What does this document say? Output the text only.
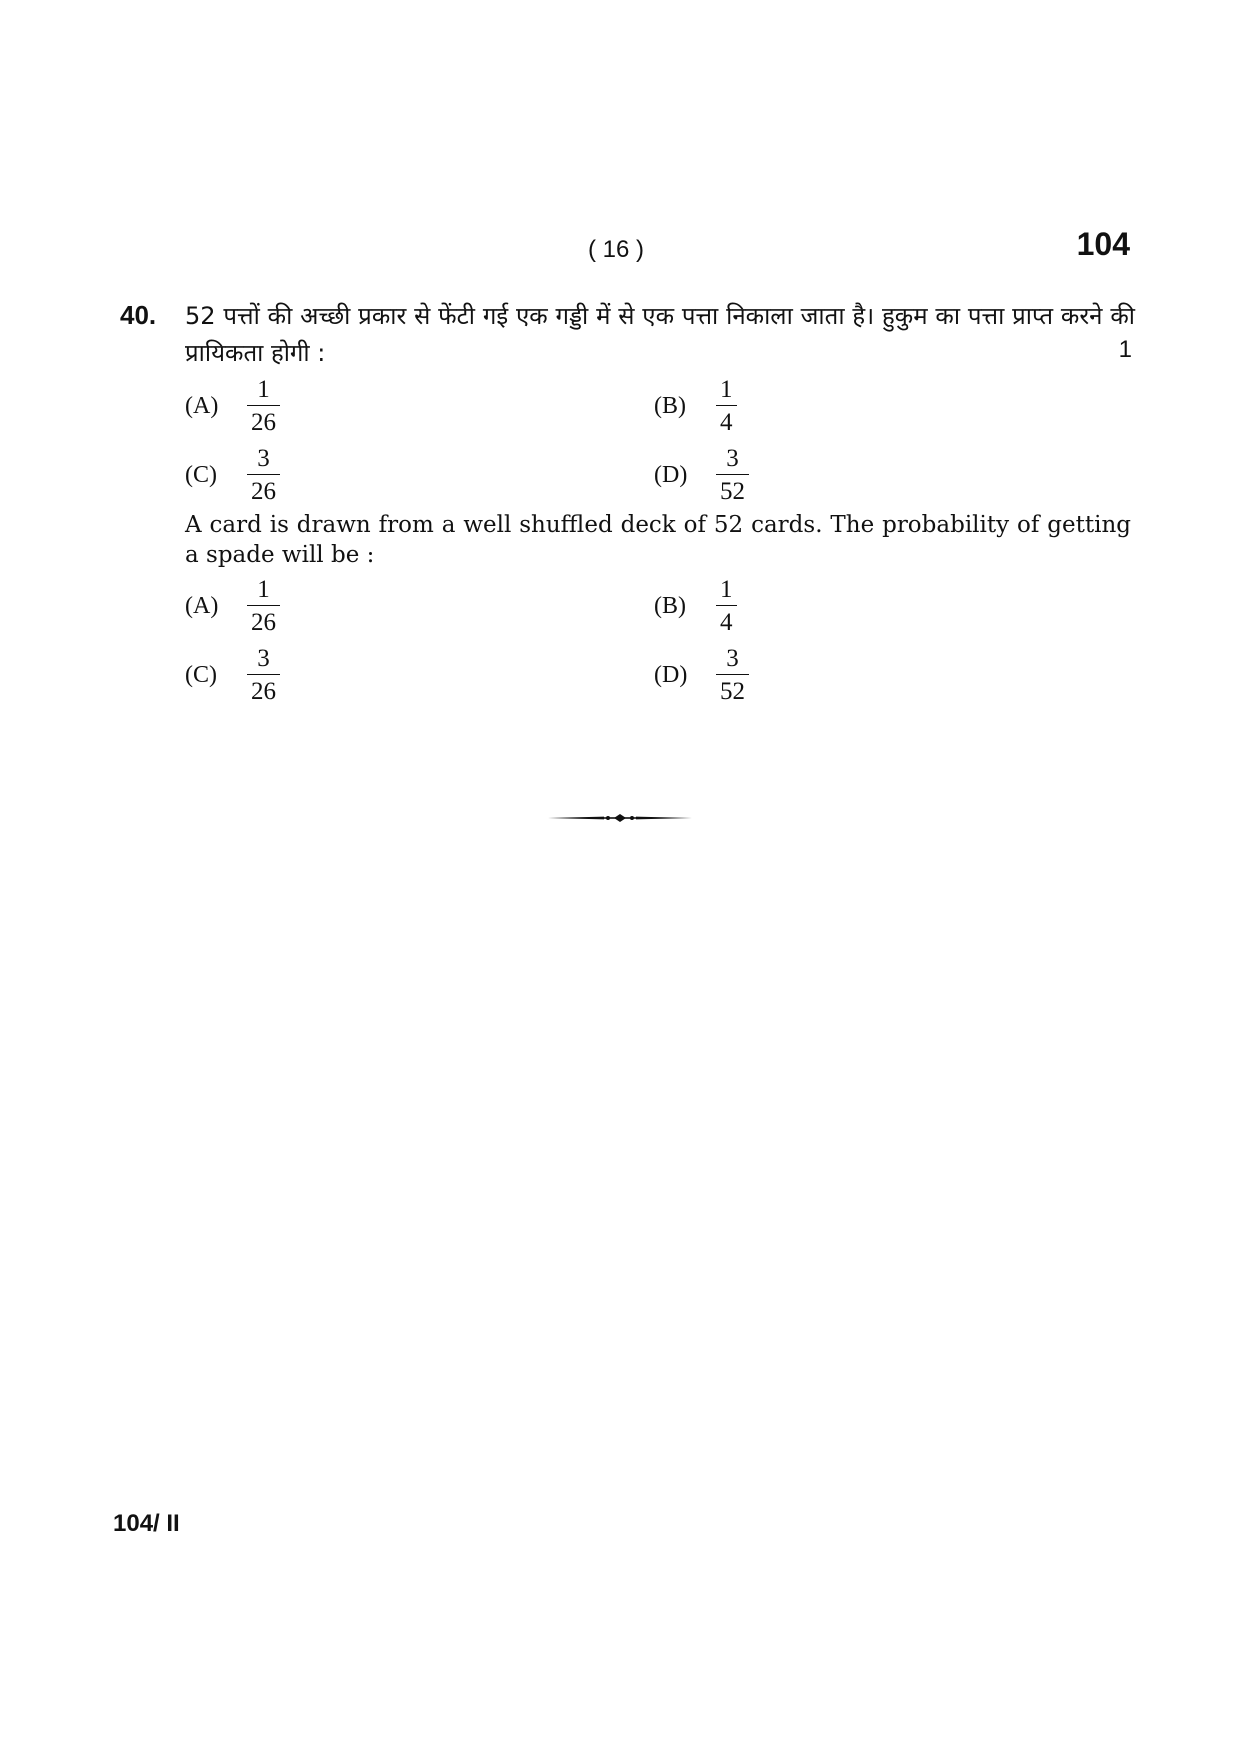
( 16 )	104
40. 52 पत्तों की अच्छी प्रकार से फेंटी गई एक गड्डी में से एक पत्ता निकाला जाता है। हुकुम का पत्ता प्राप्त करने की प्रायिकता होगी :	1
(A)	$\frac{1}{26}$	(B)	$\frac{1}{4}$
(C)	$\frac{3}{26}$	(D)	$\frac{3}{52}$
A card is drawn from a well shuffled deck of 52 cards. The probability of getting a spade will be :
(A)	$\frac{1}{26}$	(B)	$\frac{1}{4}$
(C)	$\frac{3}{26}$	(D)	$\frac{3}{52}$
104/ II
